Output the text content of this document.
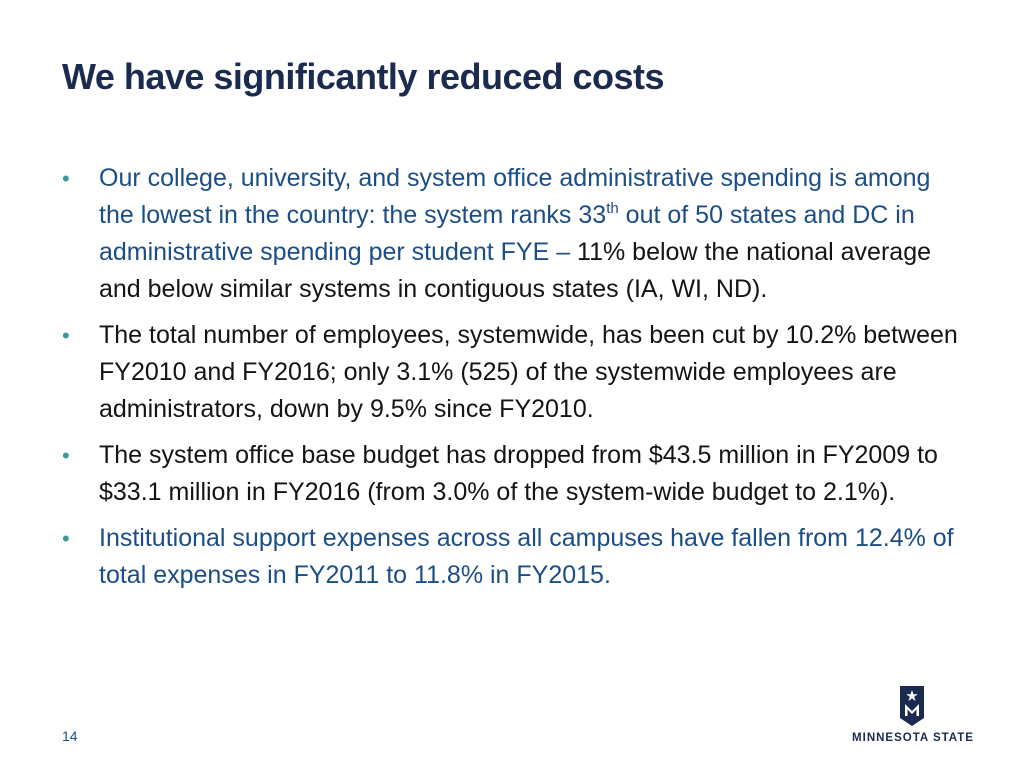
We have significantly reduced costs
• Our college, university, and system office administrative spending is among the lowest in the country: the system ranks 33th out of 50 states and DC in administrative spending per student FYE – 11% below the national average and below similar systems in contiguous states (IA, WI, ND).
• The total number of employees, systemwide, has been cut by 10.2% between FY2010 and FY2016; only 3.1% (525) of the systemwide employees are administrators, down by 9.5% since FY2010.
• The system office base budget has dropped from $43.5 million in FY2009 to $33.1 million in FY2016 (from 3.0% of the system-wide budget to 2.1%).
• Institutional support expenses across all campuses have fallen from 12.4% of total expenses in FY2011 to 11.8% in FY2015.
14	MINNESOTA STATE
